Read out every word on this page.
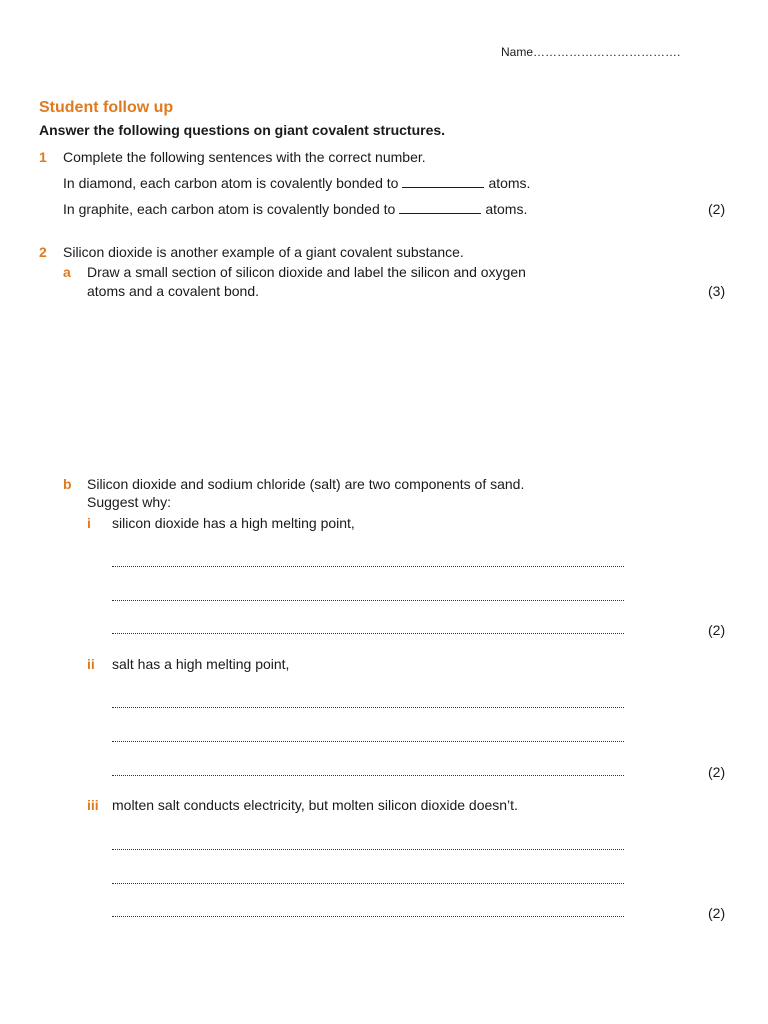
Name……………………………….
Student follow up
Answer the following questions on giant covalent structures.
1 Complete the following sentences with the correct number.
In diamond, each carbon atom is covalently bonded to	atoms.
In graphite, each carbon atom is covalently bonded to	atoms.	(2)
2 Silicon dioxide is another example of a giant covalent substance.
a Draw a small section of silicon dioxide and label the silicon and oxygen
atoms and a covalent bond.	(3)
b Silicon dioxide and sodium chloride (salt) are two components of sand.
Suggest why:
i silicon dioxide has a high melting point,
(2)
ii salt has a high melting point,
(2)
iii molten salt conducts electricity, but molten silicon dioxide doesn’t.
(2)
